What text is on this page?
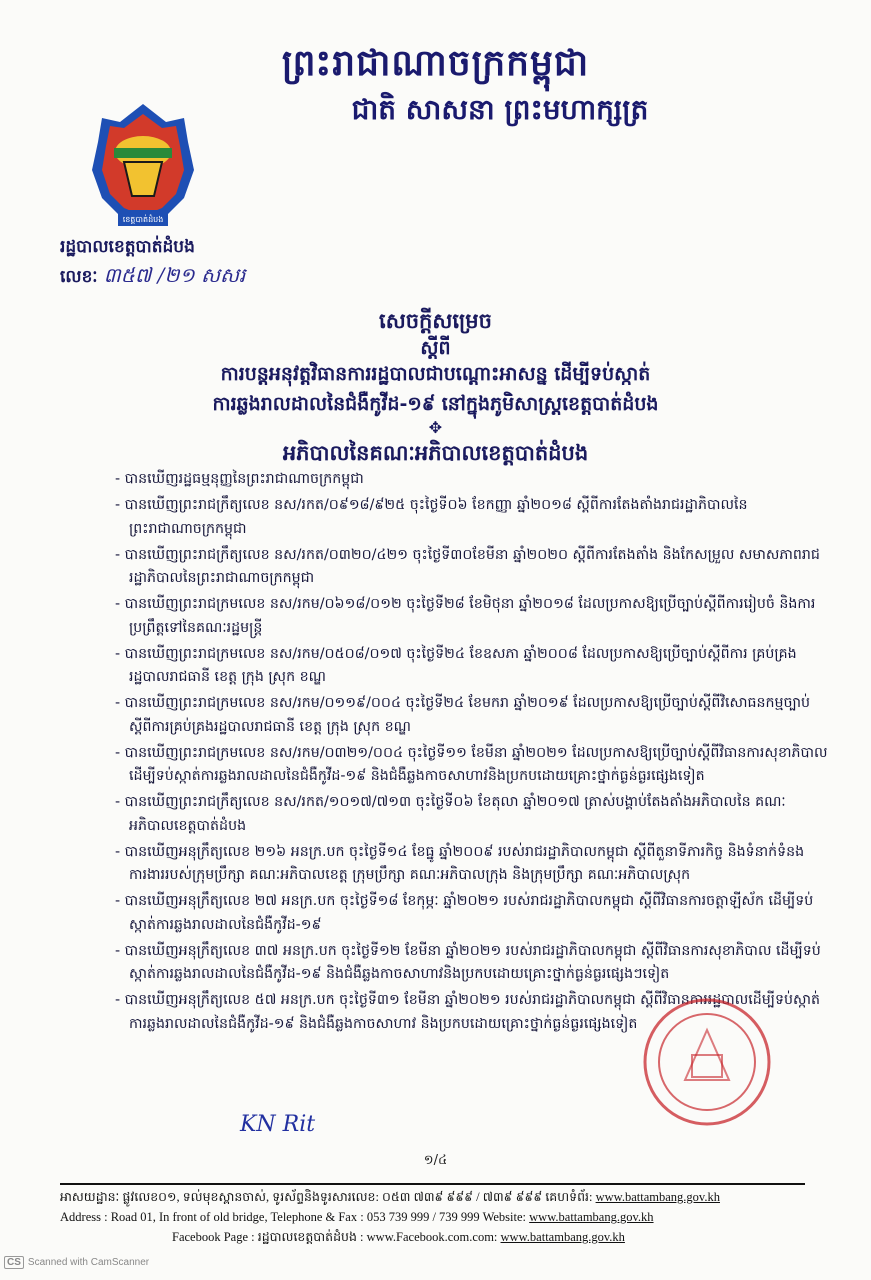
ព្រះរាជាណាចក្រកម្ពុជា
ជាតិ សាសនា ព្រះមហាក្សត្រ
ខេត្តបាត់ដំបង
រដ្ឋបាលខេត្តបាត់ដំបង
លេខៈ ៣៥៧ /២១ សសរ
សេចក្តីសម្រេច
ស្តីពី
ការបន្តអនុវត្តវិធានការរដ្ឋបាលជាបណ្តោះអាសន្ន ដើម្បីទប់ស្កាត់
ការឆ្លងរាលដាលនៃជំងឺកូវីដ-១៩ នៅក្នុងភូមិសាស្ត្រខេត្តបាត់ដំបង
✥
អភិបាលនៃគណៈអភិបាលខេត្តបាត់ដំបង
- បានឃើញរដ្ឋធម្មនុញ្ញនៃព្រះរាជាណាចក្រកម្ពុជា
- បានឃើញព្រះរាជក្រឹត្យលេខ នស/រកត/០៩១៨/៩២៥ ចុះថ្ងៃទី០៦ ខែកញ្ញា ឆ្នាំ២០១៨ ស្តីពីការតែងតាំងរាជរដ្ឋាភិបាលនៃព្រះរាជាណាចក្រកម្ពុជា
- បានឃើញព្រះរាជក្រឹត្យលេខ នស/រកត/០៣២០/៤២១ ចុះថ្ងៃទី៣០ខែមីនា ឆ្នាំ២០២០ ស្តីពីការតែងតាំង និងកែសម្រួល សមាសភាពរាជរដ្ឋាភិបាលនៃព្រះរាជាណាចក្រកម្ពុជា
- បានឃើញព្រះរាជក្រមលេខ នស/រកម/០៦១៨/០១២ ចុះថ្ងៃទី២៨ ខែមិថុនា ឆ្នាំ២០១៨ ដែលប្រកាសឱ្យប្រើច្បាប់ស្តីពីការរៀបចំ និងការប្រព្រឹត្តទៅនៃគណៈរដ្ឋមន្ត្រី
- បានឃើញព្រះរាជក្រមលេខ នស/រកម/០៥០៨/០១៧ ចុះថ្ងៃទី២៤ ខែឧសភា ឆ្នាំ២០០៨ ដែលប្រកាសឱ្យប្រើច្បាប់ស្តីពីការ គ្រប់គ្រងរដ្ឋបាលរាជធានី ខេត្ត ក្រុង ស្រុក ខណ្ឌ
- បានឃើញព្រះរាជក្រមលេខ នស/រកម/០១១៩/០០៤ ចុះថ្ងៃទី២៤ ខែមករា ឆ្នាំ២០១៩ ដែលប្រកាសឱ្យប្រើច្បាប់ស្តីពីវិសោធនកម្មច្បាប់ ស្តីពីការគ្រប់គ្រងរដ្ឋបាលរាជធានី ខេត្ត ក្រុង ស្រុក ខណ្ឌ
- បានឃើញព្រះរាជក្រមលេខ នស/រកម/០៣២១/០០៤ ចុះថ្ងៃទី១១ ខែមីនា ឆ្នាំ២០២១ ដែលប្រកាសឱ្យប្រើច្បាប់ស្តីពីវិធានការសុខាភិបាលដើម្បីទប់ស្កាត់ការឆ្លងរាលដាលនៃជំងឺកូវីដ-១៩ និងជំងឺឆ្លងកាចសាហាវនិងប្រកបដោយគ្រោះថ្នាក់ធ្ងន់ធ្ងរផ្សេងទៀត
- បានឃើញព្រះរាជក្រឹត្យលេខ នស/រកត/១០១៧/៧១៣ ចុះថ្ងៃទី០៦ ខែតុលា ឆ្នាំ២០១៧ ត្រាស់បង្គាប់តែងតាំងអភិបាលនៃ គណៈអភិបាលខេត្តបាត់ដំបង
- បានឃើញអនុក្រឹត្យលេខ ២១៦ អនក្រ.បក ចុះថ្ងៃទី១៤ ខែធ្នូ ឆ្នាំ២០០៩ របស់រាជរដ្ឋាភិបាលកម្ពុជា ស្តីពីតួនាទីភារកិច្ច និងទំនាក់ទំនងការងាររបស់ក្រុមប្រឹក្សា គណៈអភិបាលខេត្ត ក្រុមប្រឹក្សា គណៈអភិបាលក្រុង និងក្រុមប្រឹក្សា គណៈអភិបាលស្រុក
- បានឃើញអនុក្រឹត្យលេខ ២៧ អនក្រ.បក ចុះថ្ងៃទី១៨ ខែកុម្ភៈ ឆ្នាំ២០២១ របស់រាជរដ្ឋាភិបាលកម្ពុជា ស្តីពីវិធានការចត្តាឡីស័ក ដើម្បីទប់ស្កាត់ការឆ្លងរាលដាលនៃជំងឺកូវីដ-១៩
- បានឃើញអនុក្រឹត្យលេខ ៣៧ អនក្រ.បក ចុះថ្ងៃទី១២ ខែមីនា ឆ្នាំ២០២១ របស់រាជរដ្ឋាភិបាលកម្ពុជា ស្តីពីវិធានការសុខាភិបាល ដើម្បីទប់ស្កាត់ការឆ្លងរាលដាលនៃជំងឺកូវីដ-១៩ និងជំងឺឆ្លងកាចសាហាវនិងប្រកបដោយគ្រោះថ្នាក់ធ្ងន់ធ្ងរផ្សេងៗទៀត
- បានឃើញអនុក្រឹត្យលេខ ៥៧ អនក្រ.បក ចុះថ្ងៃទី៣១ ខែមីនា ឆ្នាំ២០២១ របស់រាជរដ្ឋាភិបាលកម្ពុជា ស្តីពីវិធានការរដ្ឋបាលដើម្បីទប់ស្កាត់ការឆ្លងរាលដាលនៃជំងឺកូវីដ-១៩ និងជំងឺឆ្លងកាចសាហាវ និងប្រកបដោយគ្រោះថ្នាក់ធ្ងន់ធ្ងរផ្សេងទៀត
KN Rit
១/៤
អាសយដ្ឋានៈ ផ្លូវលេខ០១, ទល់មុខស្ពានចាស់, ទូរស័ព្ទនិងទូរសារលេខ: ០៥៣ ៧៣៩ ៩៩៩ / ៧៣៩ ៩៩៩ គេហទំព័រ: www.battambang.gov.kh
Address : Road 01, In front of old bridge, Telephone & Fax : 053 739 999 / 739 999 Website: www.battambang.gov.kh
Facebook Page : រដ្ឋបាលខេត្តបាត់ដំបង : www.Facebook.com.com: www.battambang.gov.kh
CS Scanned with CamScanner
